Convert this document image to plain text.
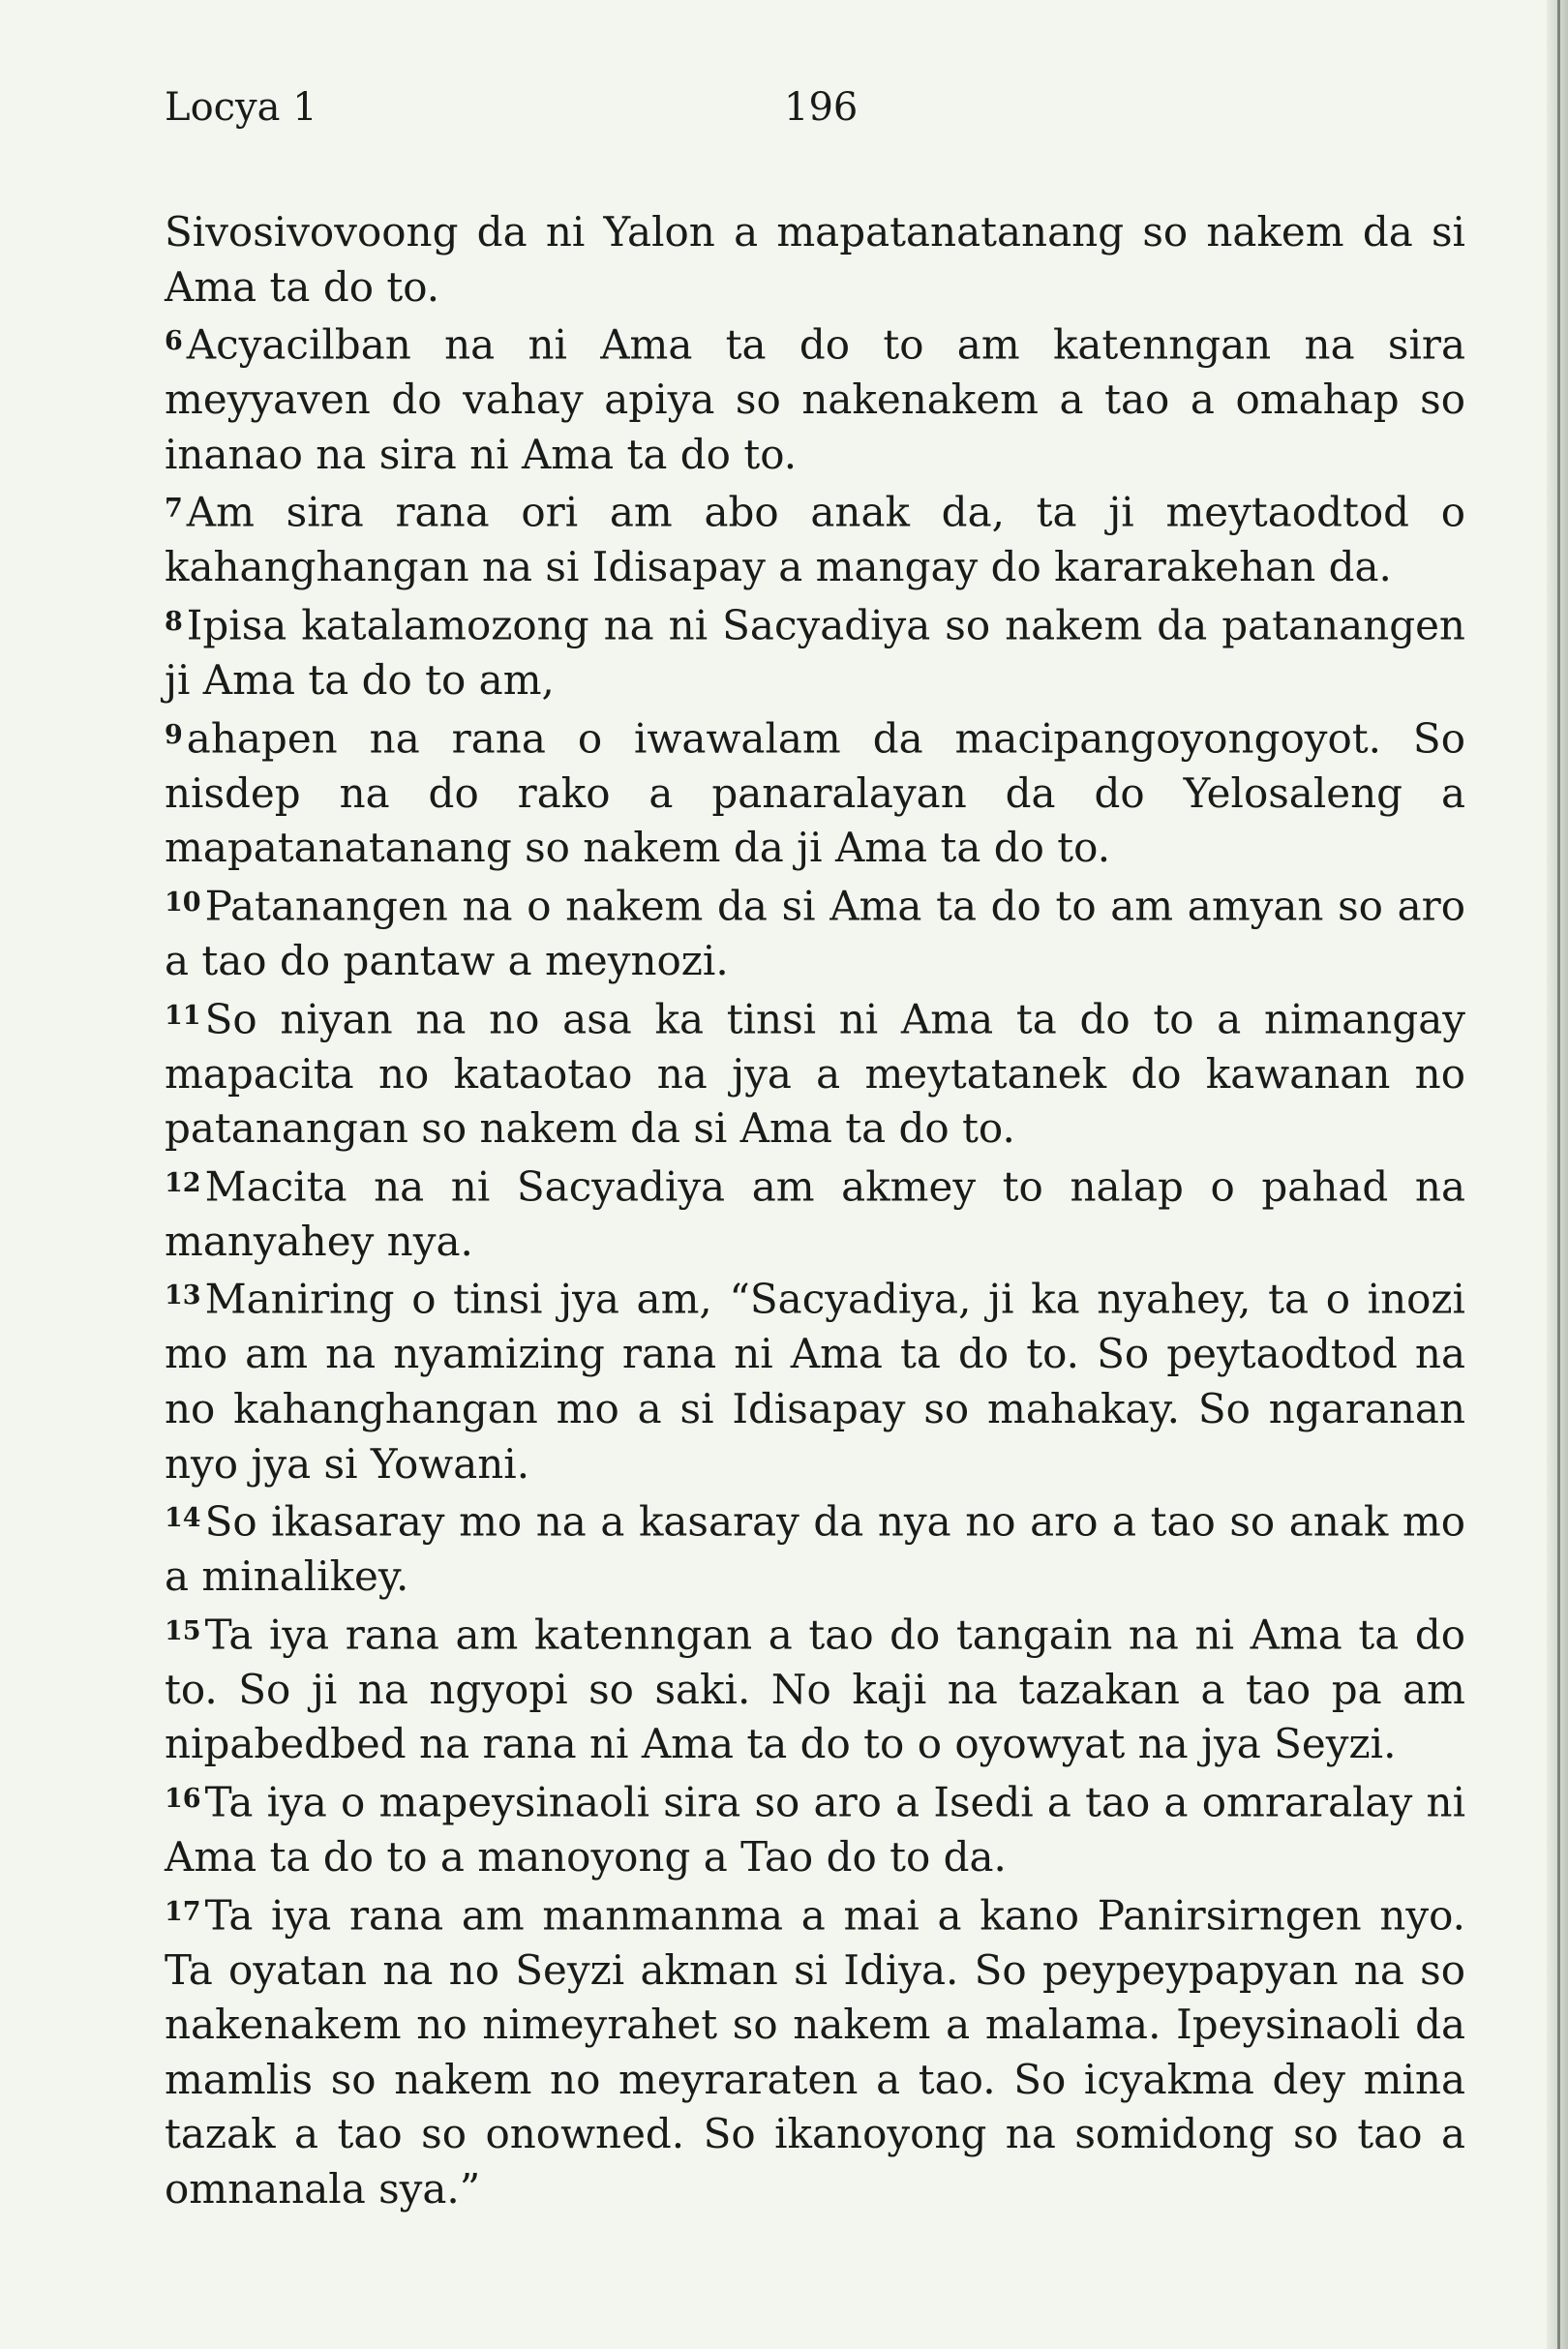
Locya 1	196

Sivosivovoong da ni Yalon a mapatanatanang so nakem da si Ama ta do to.

$^6$Acyacilban na ni Ama ta do to am katenngan na sira meyyaven do vahay apiya so nakenakem a tao a omahap so inanao na sira ni Ama ta do to.

$^7$Am sira rana ori am abo anak da, ta ji meytaodtod o kahanghangan na si Idisapay a mangay do kararakehan da.

$^8$Ipisa katalamozong na ni Sacyadiya so nakem da patanangen ji Ama ta do to am,

$^9$ahapen na rana o iwawalam da macipangoyongoyot. So nisdep na do rako a panaralayan da do Yelosaleng a mapatanatanang so nakem da ji Ama ta do to.

$^{10}$Patanangen na o nakem da si Ama ta do to am amyan so aro a tao do pantaw a meynozi.

$^{11}$So niyan na no asa ka tinsi ni Ama ta do to a nimangay mapacita no kataotao na jya a meytatanek do kawanan no patanangan so nakem da si Ama ta do to.

$^{12}$Macita na ni Sacyadiya am akmey to nalap o pahad na manyahey nya.

$^{13}$Maniring o tinsi jya am, “Sacyadiya, ji ka nyahey, ta o inozi mo am na nyamizing rana ni Ama ta do to. So peytaodtod na no kahanghangan mo a si Idisapay so mahakay. So ngaranan nyo jya si Yowani.

$^{14}$So ikasaray mo na a kasaray da nya no aro a tao so anak mo a minalikey.

$^{15}$Ta iya rana am katenngan a tao do tangain na ni Ama ta do to. So ji na ngyopi so saki. No kaji na tazakan a tao pa am nipabedbed na rana ni Ama ta do to o oyowyat na jya Seyzi.

$^{16}$Ta iya o mapeysinaoli sira so aro a Isedi a tao a omraralay ni Ama ta do to a manoyong a Tao do to da.

$^{17}$Ta iya rana am manmanma a mai a kano Panirsirngen nyo. Ta oyatan na no Seyzi akman si Idiya. So peypeypapyan na so nakenakem no nimeyrahet so nakem a malama. Ipeysinaoli da mamlis so nakem no meyraraten a tao. So icyakma dey mina tazak a tao so onowned. So ikanoyong na somidong so tao a omnanala sya.”
